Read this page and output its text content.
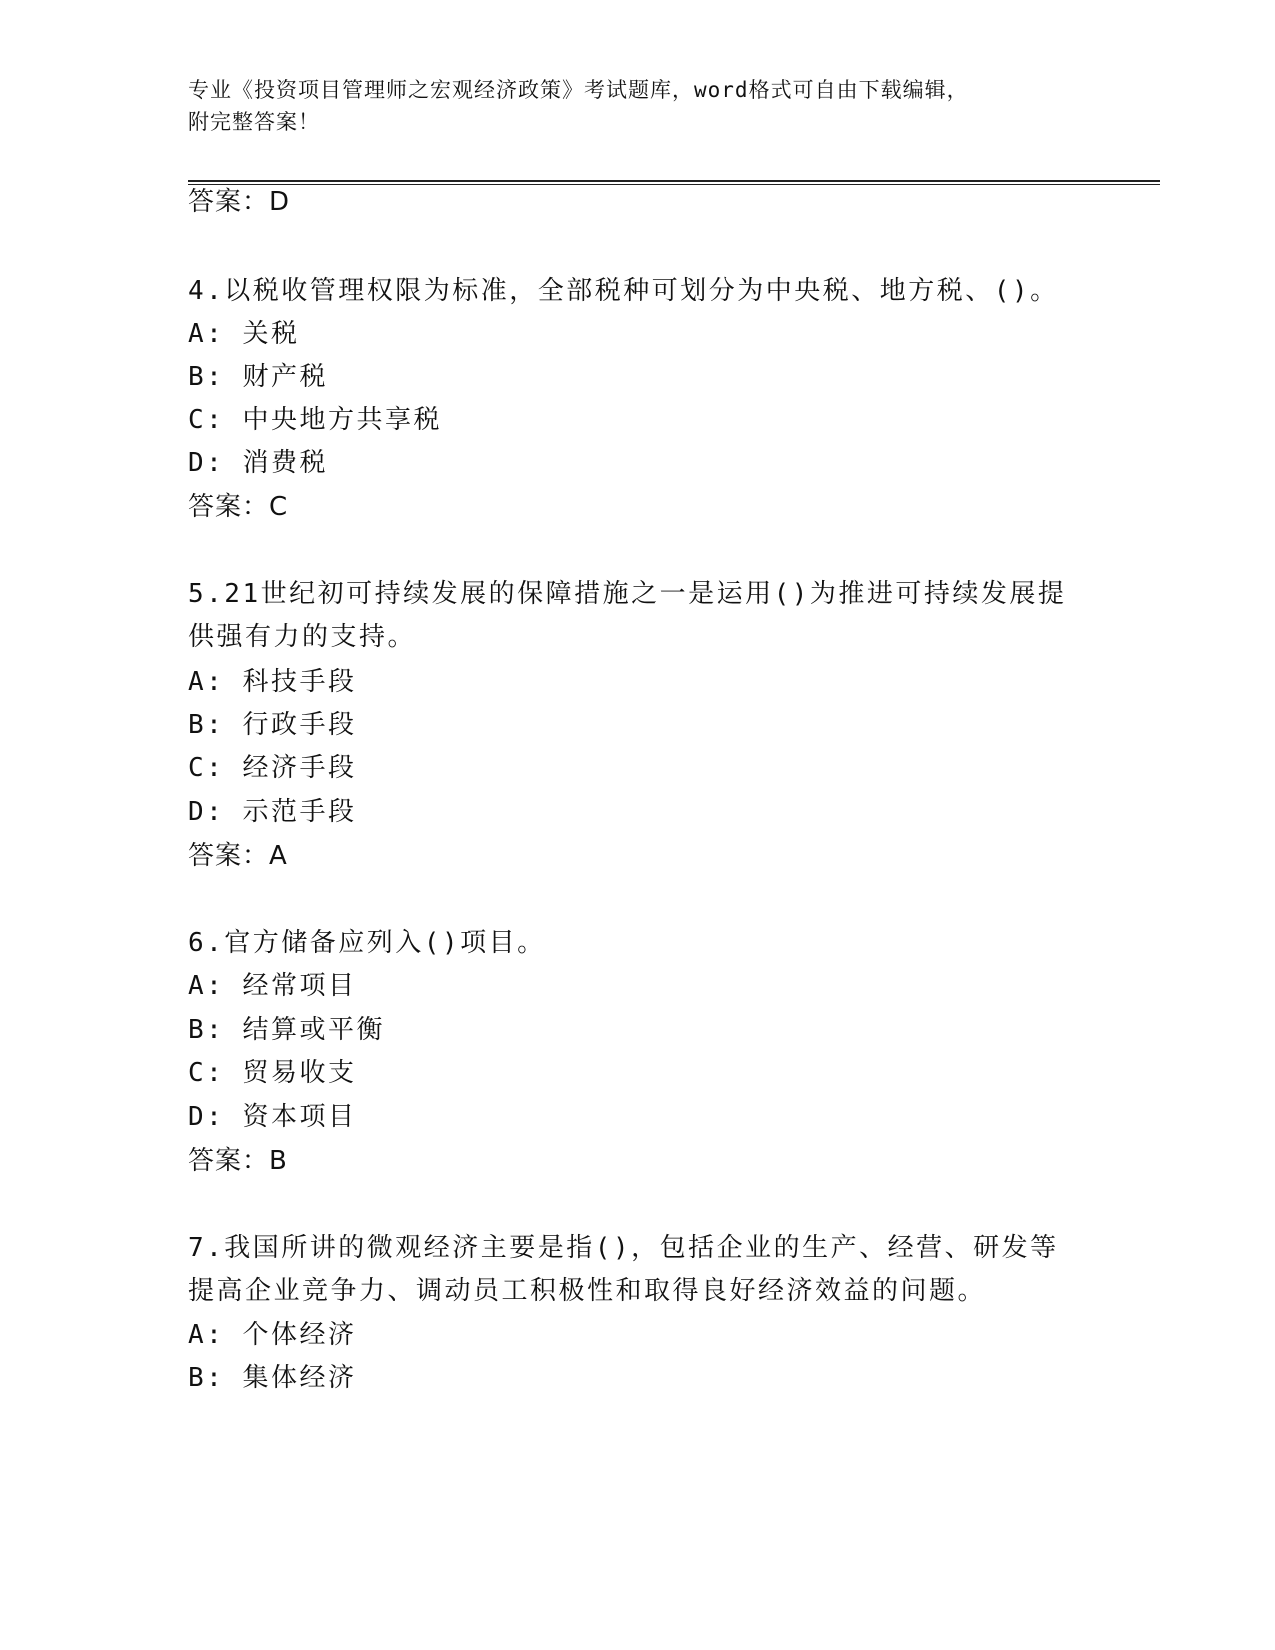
专业《投资项目管理师之宏观经济政策》考试题库，word格式可自由下载编辑，
附完整答案！
答案：D
4.以税收管理权限为标准，全部税种可划分为中央税、地方税、()。
A: 关税
B: 财产税
C: 中央地方共享税
D: 消费税
答案：C
5.21世纪初可持续发展的保障措施之一是运用()为推进可持续发展提
供强有力的支持。
A: 科技手段
B: 行政手段
C: 经济手段
D: 示范手段
答案：A
6.官方储备应列入()项目。
A: 经常项目
B: 结算或平衡
C: 贸易收支
D: 资本项目
答案：B
7.我国所讲的微观经济主要是指()，包括企业的生产、经营、研发等
提高企业竞争力、调动员工积极性和取得良好经济效益的问题。
A: 个体经济
B: 集体经济
